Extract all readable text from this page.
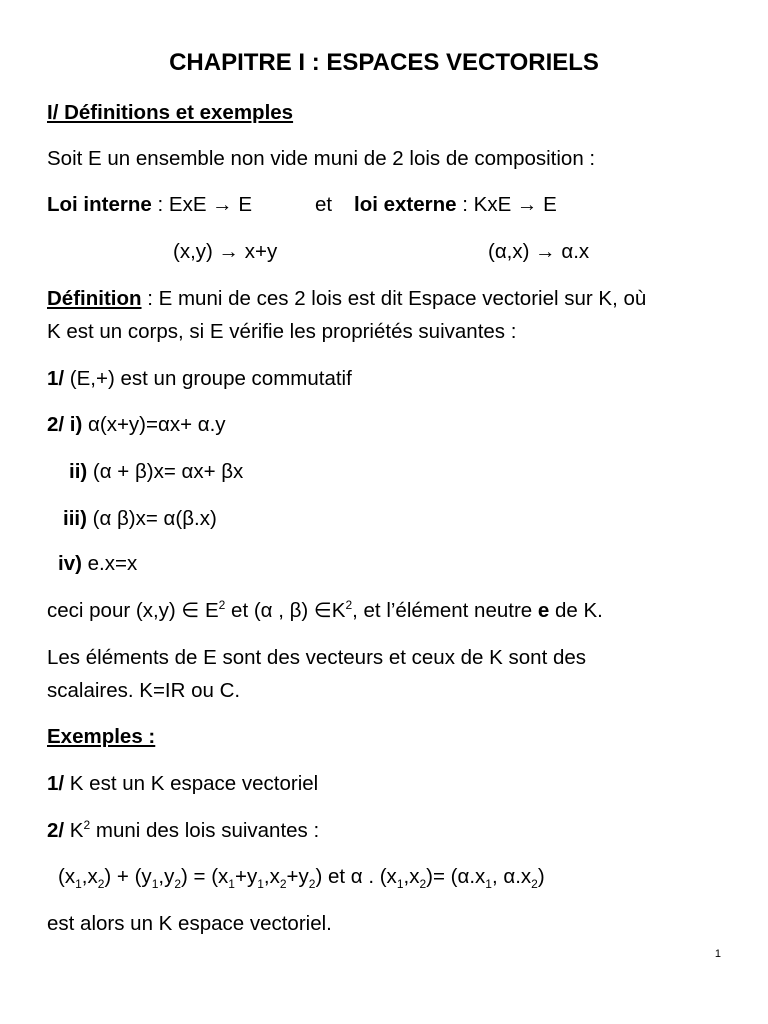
CHAPITRE I : ESPACES VECTORIELS
I/ Définitions et exemples
Soit E un ensemble non vide muni de 2 lois de composition :
Loi interne : ExE → E	et loi externe : KxE → E
(x,y) → x+y	(α,x) → α.x
Définition : E muni de ces 2 lois est dit Espace vectoriel sur K, où
K est un corps, si E vérifie les propriétés suivantes :
1/ (E,+) est un groupe commutatif
2/ i) α(x+y)=αx+ α.y
ii) (α + β)x= αx+ βx
iii) (α β)x= α(β.x)
iv) e.x=x
ceci pour (x,y) ∈ $E^2$ et (α , β) $\in K^2$, et l’élément neutre e de K.
Les éléments de E sont des vecteurs et ceux de K sont des
scalaires. K=IR ou C.
Exemples :
1/ K est un K espace vectoriel
2/ $K^2$ muni des lois suivantes :
$(x_1,x_2) + (y_1,y_2) = (x_1+y_1,x_2+y_2)$ et α . $(x_1,x_2)= (\alpha.x_1$, $\alpha.x_2$)
est alors un K espace vectoriel.
1
